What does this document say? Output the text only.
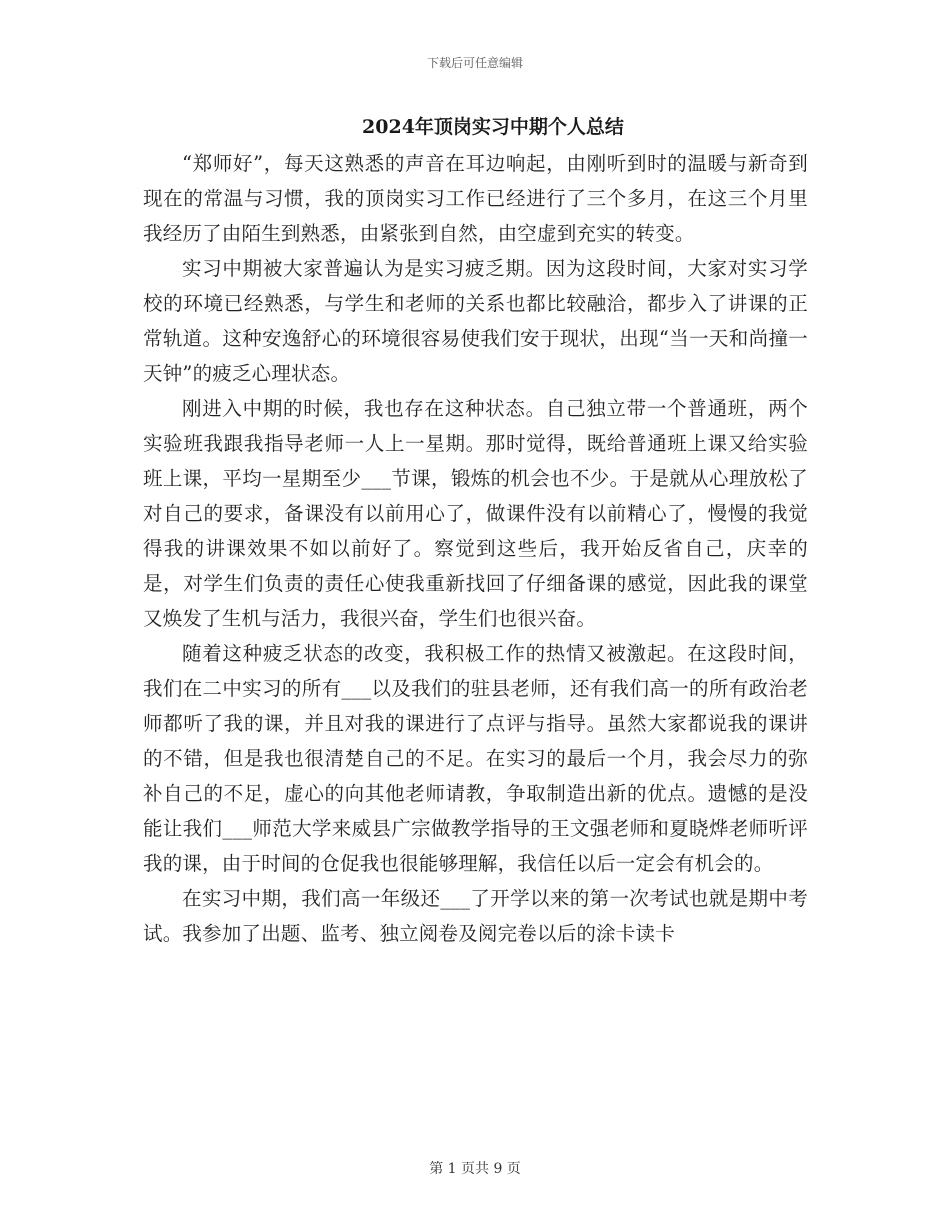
下载后可任意编辑
2024年顶岗实习中期个人总结

“郑师好”，每天这熟悉的声音在耳边响起，由刚听到时的温暖与新奇到现在的常温与习惯，我的顶岗实习工作已经进行了三个多月，在这三个月里我经历了由陌生到熟悉，由紧张到自然，由空虚到充实的转变。

实习中期被大家普遍认为是实习疲乏期。因为这段时间，大家对实习学校的环境已经熟悉，与学生和老师的关系也都比较融洽，都步入了讲课的正常轨道。这种安逸舒心的环境很容易使我们安于现状，出现“当一天和尚撞一天钟”的疲乏心理状态。

刚进入中期的时候，我也存在这种状态。自己独立带一个普通班，两个实验班我跟我指导老师一人上一星期。那时觉得，既给普通班上课又给实验班上课，平均一星期至少___节课，锻炼的机会也不少。于是就从心理放松了对自己的要求，备课没有以前用心了，做课件没有以前精心了，慢慢的我觉得我的讲课效果不如以前好了。察觉到这些后，我开始反省自己，庆幸的是，对学生们负责的责任心使我重新找回了仔细备课的感觉，因此我的课堂又焕发了生机与活力，我很兴奋，学生们也很兴奋。

随着这种疲乏状态的改变，我积极工作的热情又被激起。在这段时间，我们在二中实习的所有___以及我们的驻县老师，还有我们高一的所有政治老师都听了我的课，并且对我的课进行了点评与指导。虽然大家都说我的课讲的不错，但是我也很清楚自己的不足。在实习的最后一个月，我会尽力的弥补自己的不足，虚心的向其他老师请教，争取制造出新的优点。遗憾的是没能让我们___师范大学来威县广宗做教学指导的王文强老师和夏晓烨老师听评我的课，由于时间的仓促我也很能够理解，我信任以后一定会有机会的。

在实习中期，我们高一年级还___了开学以来的第一次考试也就是期中考试。我参加了出题、监考、独立阅卷及阅完卷以后的涂卡读卡

第 1 页共 9 页
